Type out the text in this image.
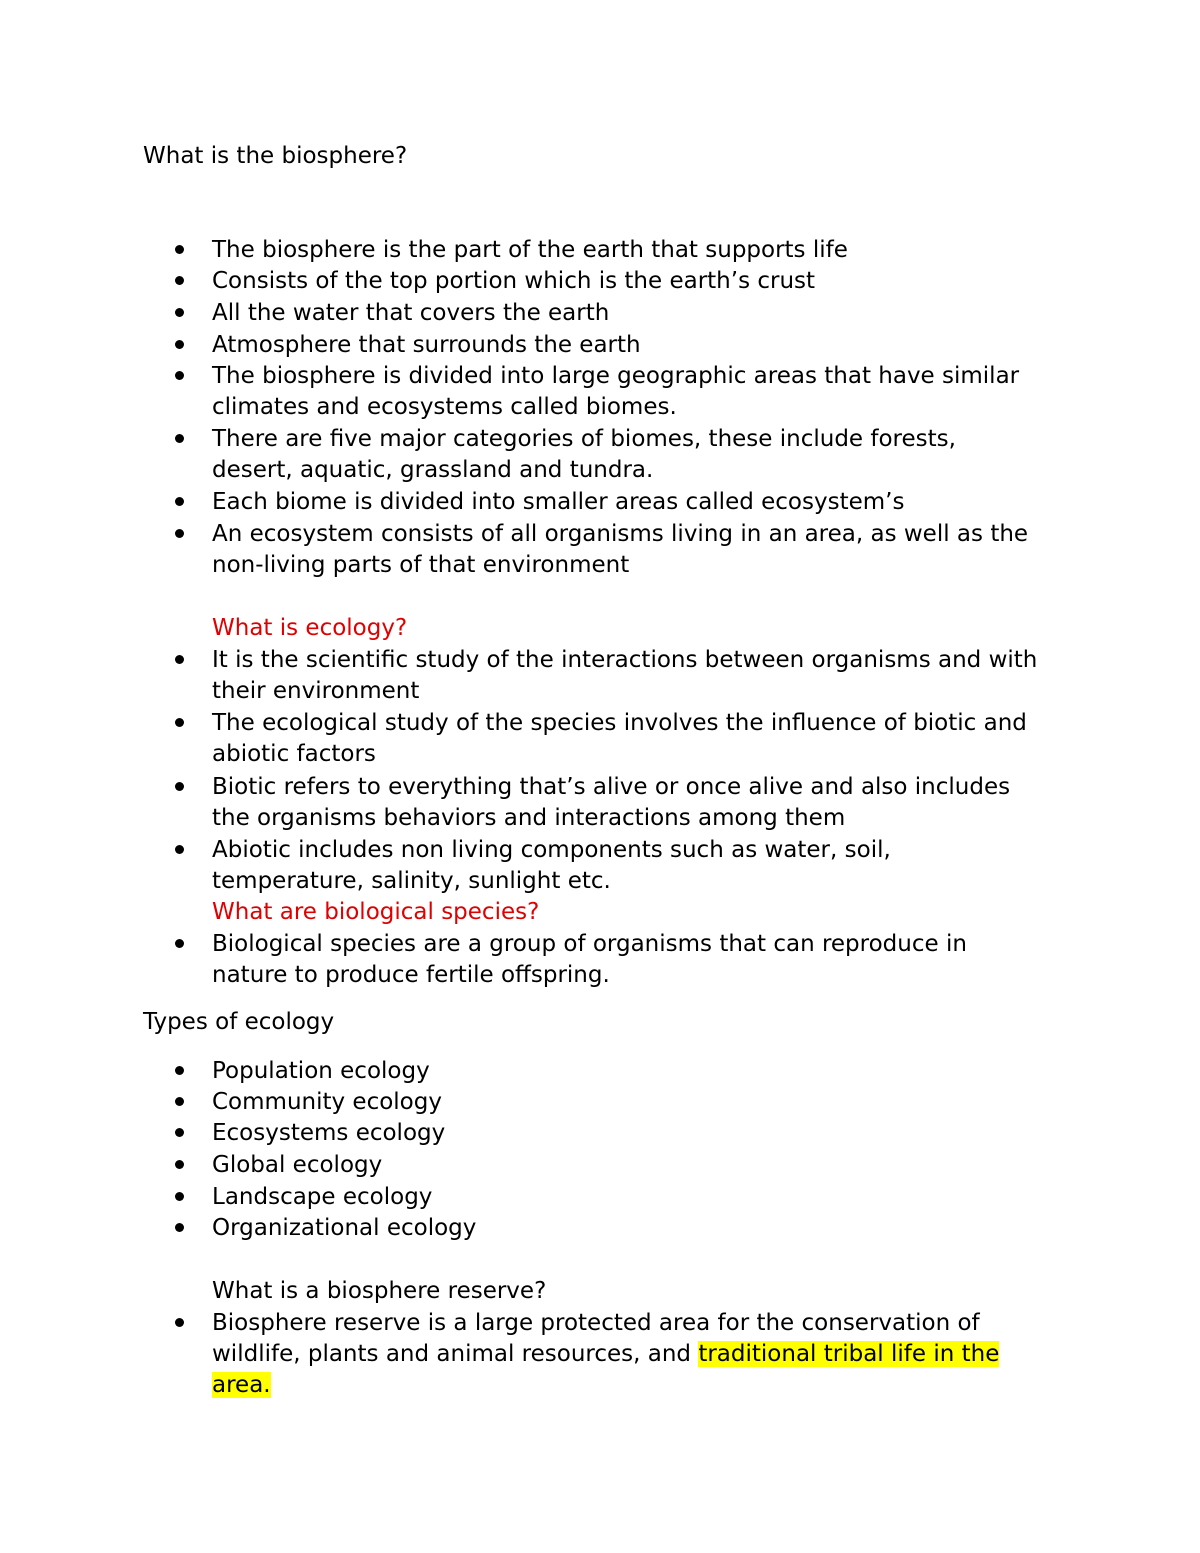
What is the biosphere?
The biosphere is the part of the earth that supports life
Consists of the top portion which is the earth’s crust
All the water that covers the earth
Atmosphere that surrounds the earth
The biosphere is divided into large geographic areas that have similar
climates and ecosystems called biomes.
There are five major categories of biomes, these include forests,
desert, aquatic, grassland and tundra.
Each biome is divided into smaller areas called ecosystem’s
An ecosystem consists of all organisms living in an area, as well as the
non-living parts of that environment
What is ecology?
It is the scientific study of the interactions between organisms and with
their environment
The ecological study of the species involves the influence of biotic and
abiotic factors
Biotic refers to everything that’s alive or once alive and also includes
the organisms behaviors and interactions among them
Abiotic includes non living components such as water, soil,
temperature, salinity, sunlight etc.
What are biological species?
Biological species are a group of organisms that can reproduce in
nature to produce fertile offspring.
Types of ecology
Population ecology
Community ecology
Ecosystems ecology
Global ecology
Landscape ecology
Organizational ecology
What is a biosphere reserve?
Biosphere reserve is a large protected area for the conservation of
wildlife, plants and animal resources, and traditional tribal life in the
area.
